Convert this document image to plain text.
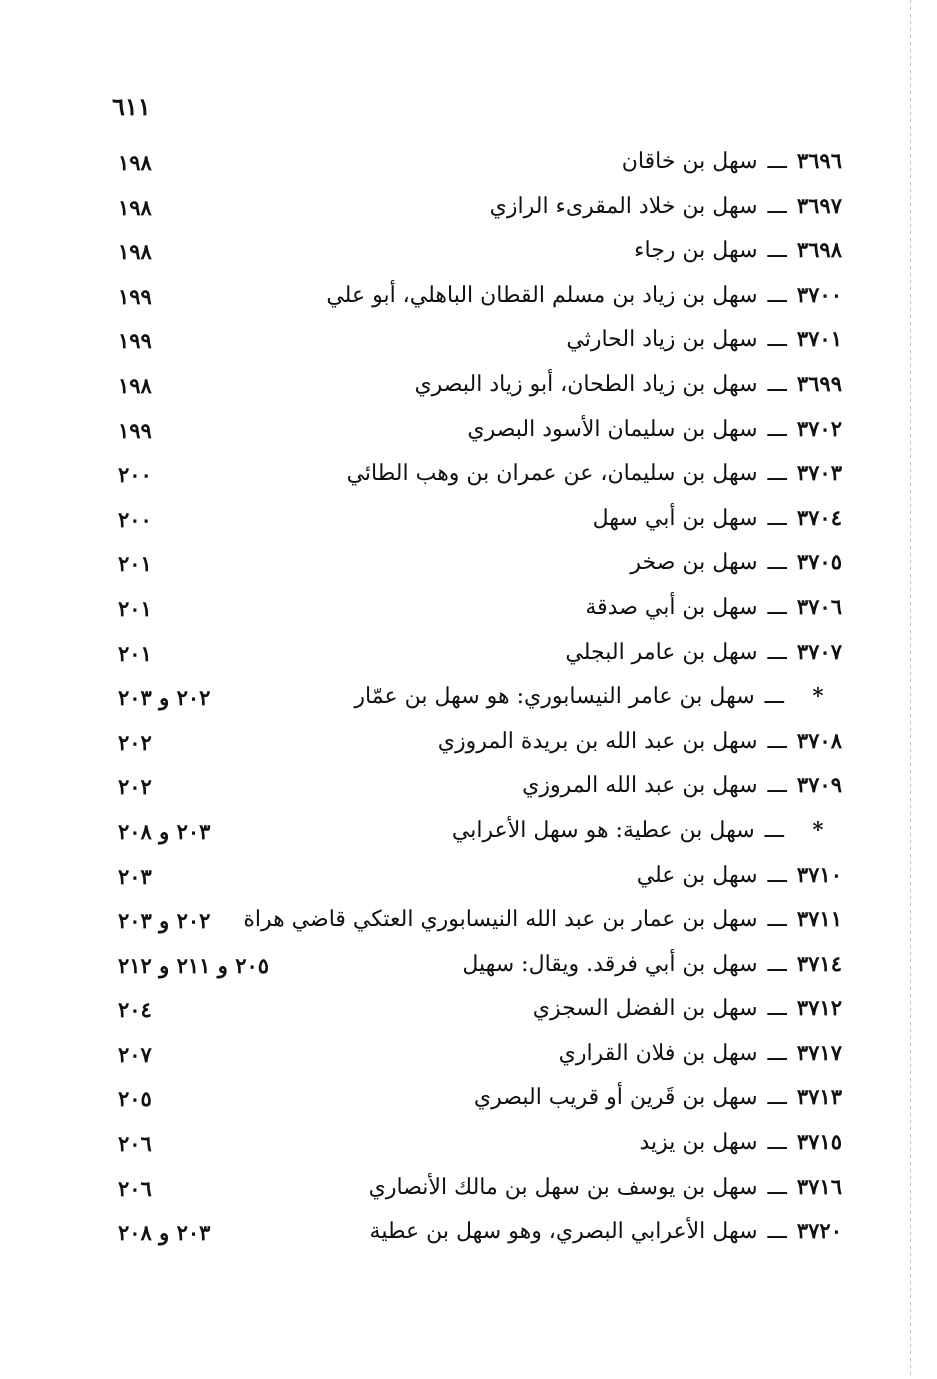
٦١١
١٩٨	٣٦٩٦ـــسهل بن خاقان
١٩٨	٣٦٩٧ـــسهل بن خلاد المقرىء الرازي
١٩٨	٣٦٩٨ـــسهل بن رجاء
١٩٩	٣٧٠٠ـــسهل بن زياد بن مسلم القطان الباهلي، أبو علي
١٩٩	٣٧٠١ـــسهل بن زياد الحارثي
١٩٨	٣٦٩٩ـــسهل بن زياد الطحان، أبو زياد البصري
١٩٩	٣٧٠٢ـــسهل بن سليمان الأسود البصري
٢٠٠	٣٧٠٣ـــسهل بن سليمان، عن عمران بن وهب الطائي
٢٠٠	٣٧٠٤ـــسهل بن أبي سهل
٢٠١	٣٧٠٥ـــسهل بن صخر
٢٠١	٣٧٠٦ـــسهل بن أبي صدقة
٢٠١	٣٧٠٧ـــسهل بن عامر البجلي
٢٠٢ و ٢٠٣	*ـــسهل بن عامر النيسابوري: هو سهل بن عمّار
٢٠٢	٣٧٠٨ـــسهل بن عبد الله بن بريدة المروزي
٢٠٢	٣٧٠٩ـــسهل بن عبد الله المروزي
٢٠٣ و ٢٠٨	*ـــسهل بن عطية: هو سهل الأعرابي
٢٠٣	٣٧١٠ـــسهل بن علي
٢٠٢ و ٢٠٣	٣٧١١ـــسهل بن عمار بن عبد الله النيسابوري العتكي قاضي هراة
٢٠٥ و ٢١١ و ٢١٢	٣٧١٤ـــسهل بن أبي فرقد. ويقال: سهيل
٢٠٤	٣٧١٢ـــسهل بن الفضل السجزي
٢٠٧	٣٧١٧ـــسهل بن فلان القراري
٢٠٥	٣٧١٣ـــسهل بن قَرين أو قريب البصري
٢٠٦	٣٧١٥ـــسهل بن يزيد
٢٠٦	٣٧١٦ـــسهل بن يوسف بن سهل بن مالك الأنصاري
٢٠٣ و ٢٠٨	٣٧٢٠ـــسهل الأعرابي البصري، وهو سهل بن عطية
